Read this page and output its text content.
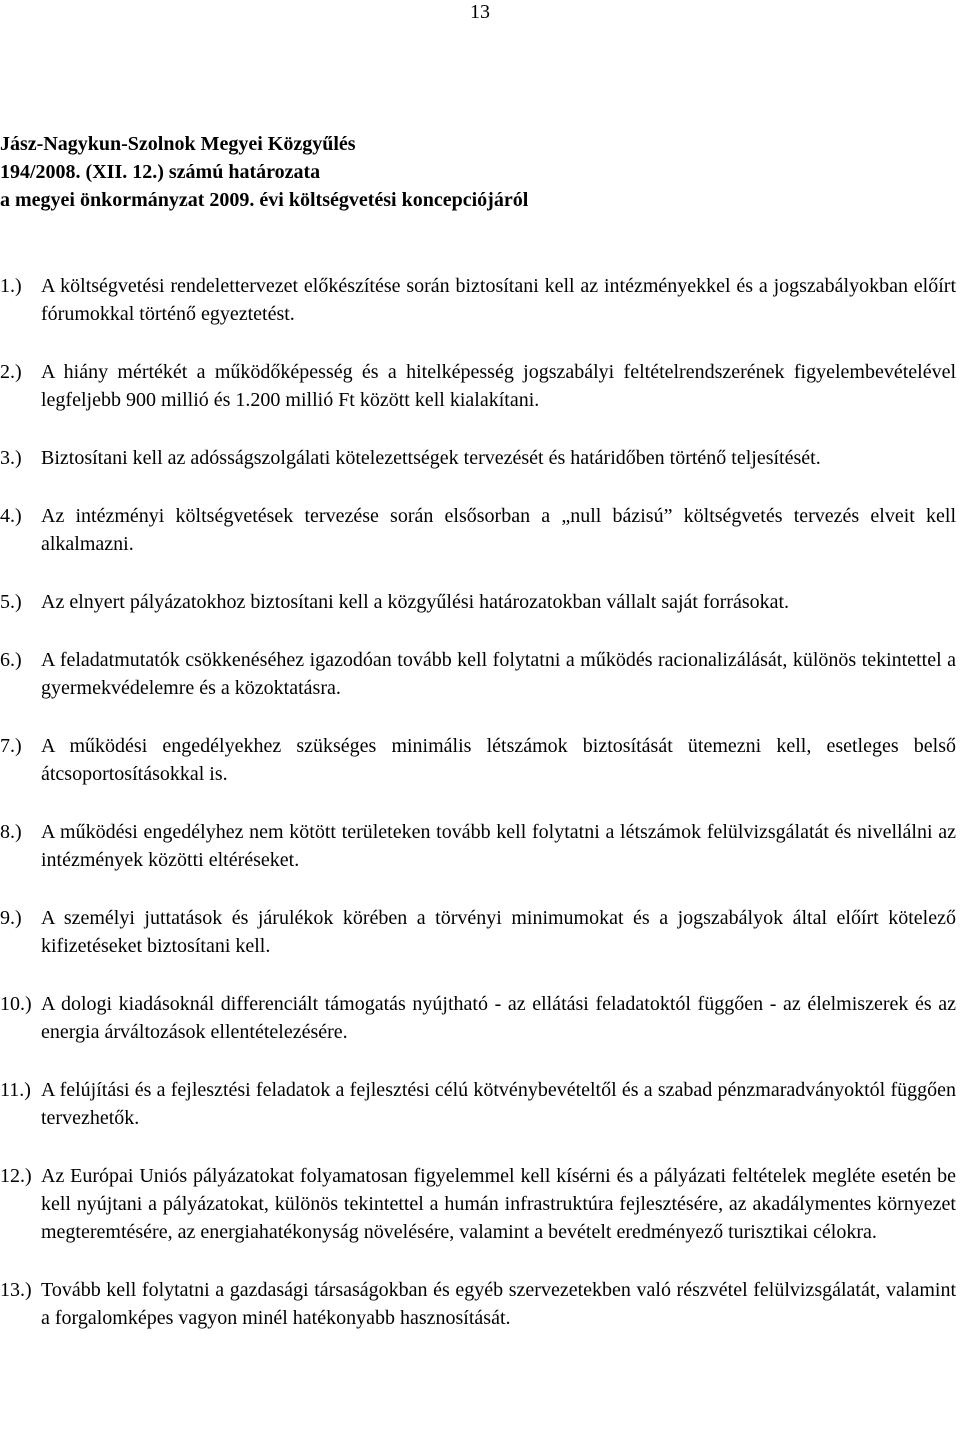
13
Jász-Nagykun-Szolnok Megyei Közgyűlés
194/2008. (XII. 12.) számú határozata
a megyei önkormányzat 2009. évi költségvetési koncepciójáról
1.) A költségvetési rendelettervezet előkészítése során biztosítani kell az intézményekkel és a jogszabályokban előírt fórumokkal történő egyeztetést.
2.) A hiány mértékét a működőképesség és a hitelképesség jogszabályi feltételrendszerének figyelembevételével legfeljebb 900 millió és 1.200 millió Ft között kell kialakítani.
3.) Biztosítani kell az adósságszolgálati kötelezettségek tervezését és határidőben történő teljesítését.
4.) Az intézményi költségvetések tervezése során elsősorban a „null bázisú” költségvetés tervezés elveit kell alkalmazni.
5.) Az elnyert pályázatokhoz biztosítani kell a közgyűlési határozatokban vállalt saját forrásokat.
6.) A feladatmutatók csökkenéséhez igazodóan tovább kell folytatni a működés racionalizálását, különös tekintettel a gyermekvédelemre és a közoktatásra.
7.) A működési engedélyekhez szükséges minimális létszámok biztosítását ütemezni kell, esetleges belső átcsoportosításokkal is.
8.) A működési engedélyhez nem kötött területeken tovább kell folytatni a létszámok felülvizsgálatát és nivellálni az intézmények közötti eltéréseket.
9.) A személyi juttatások és járulékok körében a törvényi minimumokat és a jogszabályok által előírt kötelező kifizetéseket biztosítani kell.
10.) A dologi kiadásoknál differenciált támogatás nyújtható - az ellátási feladatoktól függően - az élelmiszerek és az energia árváltozások ellentételezésére.
11.) A felújítási és a fejlesztési feladatok a fejlesztési célú kötvénybevételtől és a szabad pénzmaradványoktól függően tervezhetők.
12.) Az Európai Uniós pályázatokat folyamatosan figyelemmel kell kísérni és a pályázati feltételek megléte esetén be kell nyújtani a pályázatokat, különös tekintettel a humán infrastruktúra fejlesztésére, az akadálymentes környezet megteremtésére, az energiahatékonyság növelésére, valamint a bevételt eredményező turisztikai célokra.
13.) Tovább kell folytatni a gazdasági társaságokban és egyéb szervezetekben való részvétel felülvizsgálatát, valamint a forgalomképes vagyon minél hatékonyabb hasznosítását.
